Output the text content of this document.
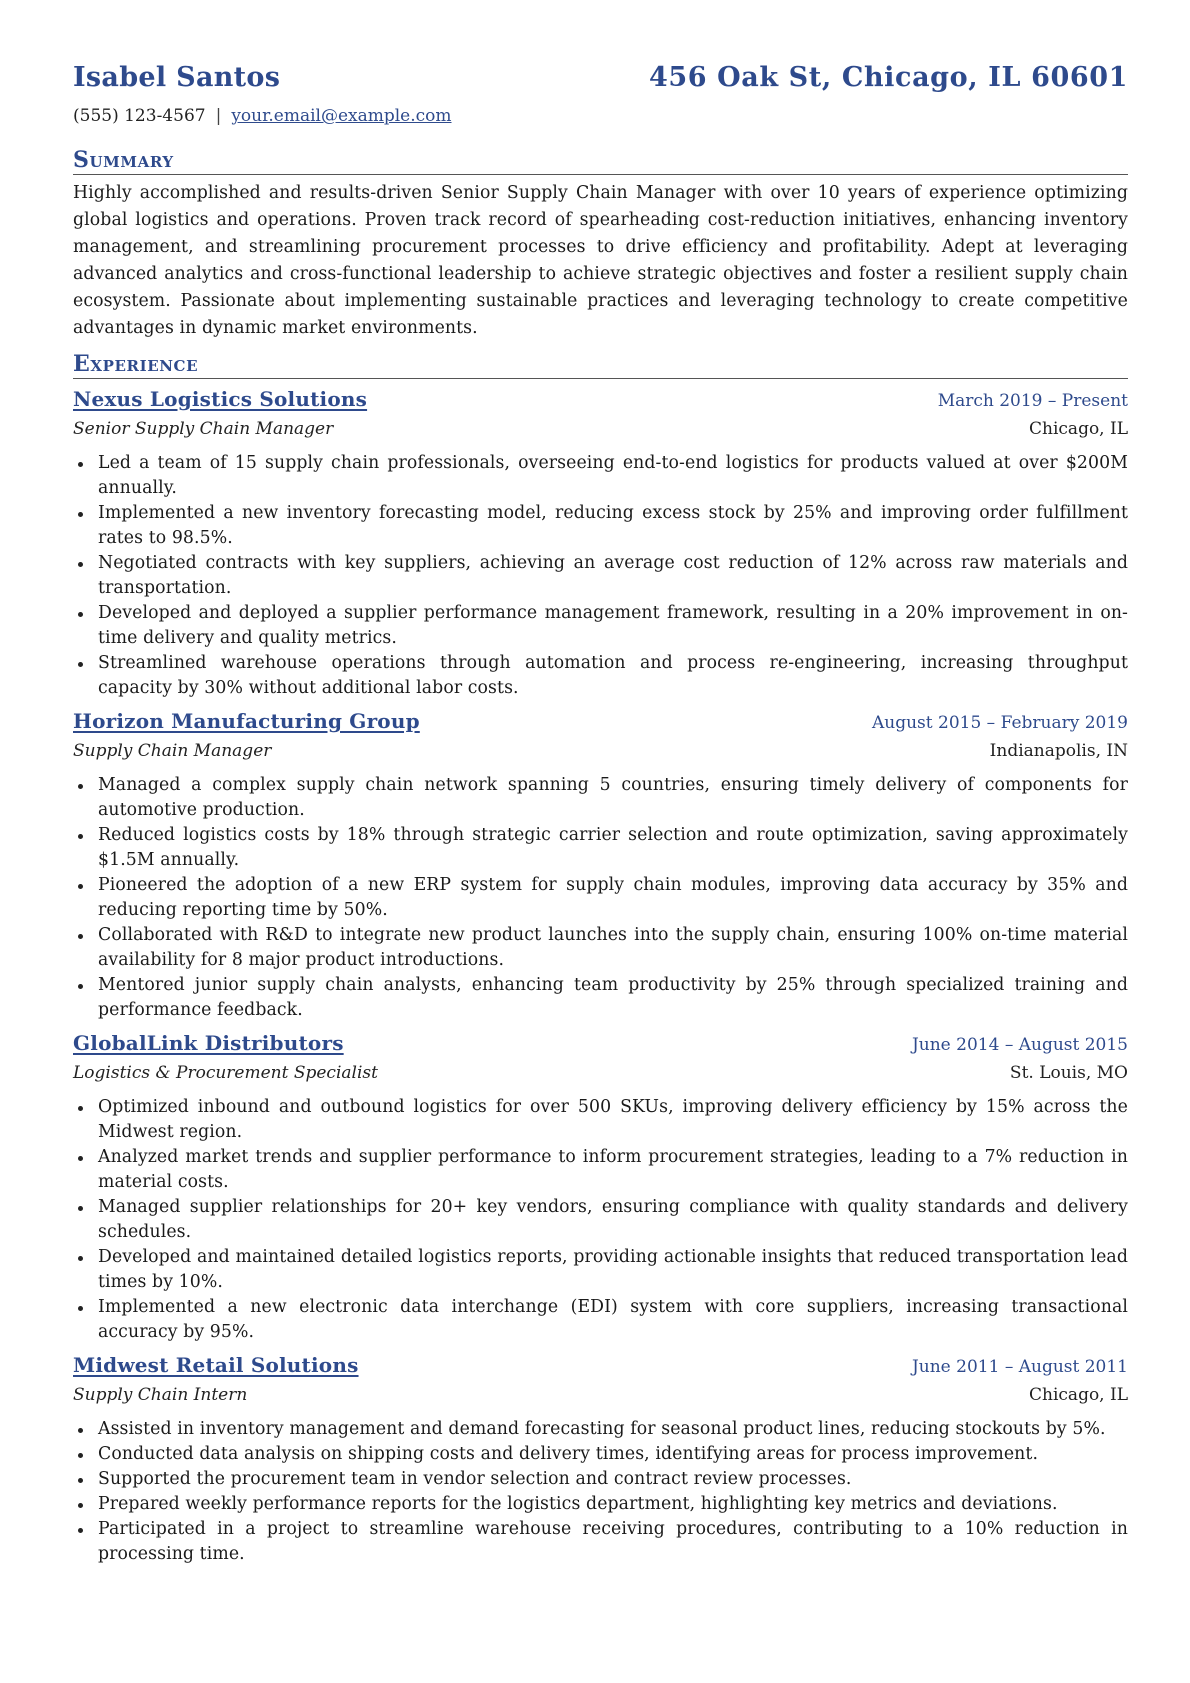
Isabel Santos	456 Oak St, Chicago, IL 60601
(555) 123-4567 | your.email@example.com
Summary
Highly accomplished and results-driven Senior Supply Chain Manager with over 10 years of experience optimizing global logistics and operations. Proven track record of spearheading cost-reduction initiatives, enhancing inventory management, and streamlining procurement processes to drive efficiency and profitability. Adept at leveraging advanced analytics and cross-functional leadership to achieve strategic objectives and foster a resilient supply chain ecosystem. Passionate about implementing sustainable practices and leveraging technology to create competitive advantages in dynamic market environments.
Experience
Nexus Logistics Solutions	March 2019 – Present
Senior Supply Chain Manager	Chicago, IL
Led a team of 15 supply chain professionals, overseeing end-to-end logistics for products valued at over $200M annually.
Implemented a new inventory forecasting model, reducing excess stock by 25% and improving order fulfillment rates to 98.5%.
Negotiated contracts with key suppliers, achieving an average cost reduction of 12% across raw materials and transportation.
Developed and deployed a supplier performance management framework, resulting in a 20% improvement in on-time delivery and quality metrics.
Streamlined warehouse operations through automation and process re-engineering, increasing throughput capacity by 30% without additional labor costs.
Horizon Manufacturing Group	August 2015 – February 2019
Supply Chain Manager	Indianapolis, IN
Managed a complex supply chain network spanning 5 countries, ensuring timely delivery of components for automotive production.
Reduced logistics costs by 18% through strategic carrier selection and route optimization, saving approximately $1.5M annually.
Pioneered the adoption of a new ERP system for supply chain modules, improving data accuracy by 35% and reducing reporting time by 50%.
Collaborated with R&D to integrate new product launches into the supply chain, ensuring 100% on-time material availability for 8 major product introductions.
Mentored junior supply chain analysts, enhancing team productivity by 25% through specialized training and performance feedback.
GlobalLink Distributors	June 2014 – August 2015
Logistics & Procurement Specialist	St. Louis, MO
Optimized inbound and outbound logistics for over 500 SKUs, improving delivery efficiency by 15% across the Midwest region.
Analyzed market trends and supplier performance to inform procurement strategies, leading to a 7% reduction in material costs.
Managed supplier relationships for 20+ key vendors, ensuring compliance with quality standards and delivery schedules.
Developed and maintained detailed logistics reports, providing actionable insights that reduced transportation lead times by 10%.
Implemented a new electronic data interchange (EDI) system with core suppliers, increasing transactional accuracy by 95%.
Midwest Retail Solutions	June 2011 – August 2011
Supply Chain Intern	Chicago, IL
Assisted in inventory management and demand forecasting for seasonal product lines, reducing stockouts by 5%.
Conducted data analysis on shipping costs and delivery times, identifying areas for process improvement.
Supported the procurement team in vendor selection and contract review processes.
Prepared weekly performance reports for the logistics department, highlighting key metrics and deviations.
Participated in a project to streamline warehouse receiving procedures, contributing to a 10% reduction in processing time.
